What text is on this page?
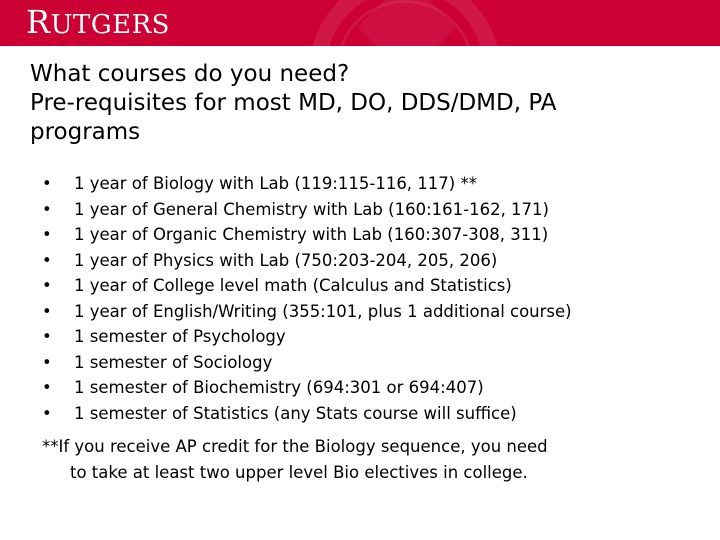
RUTGERS
What courses do you need?
Pre-requisites for most MD, DO, DDS/DMD, PA
programs
•	1 year of Biology with Lab (119:115-116, 117) **
•	1 year of General Chemistry with Lab (160:161-162, 171)
•	1 year of Organic Chemistry with Lab (160:307-308, 311)
•	1 year of Physics with Lab (750:203-204, 205, 206)
•	1 year of College level math (Calculus and Statistics)
•	1 year of English/Writing (355:101, plus 1 additional course)
•	1 semester of Psychology
•	1 semester of Sociology
•	1 semester of Biochemistry (694:301 or 694:407)
•	1 semester of Statistics (any Stats course will suffice)
**If you receive AP credit for the Biology sequence, you need
to take at least two upper level Bio electives in college.
